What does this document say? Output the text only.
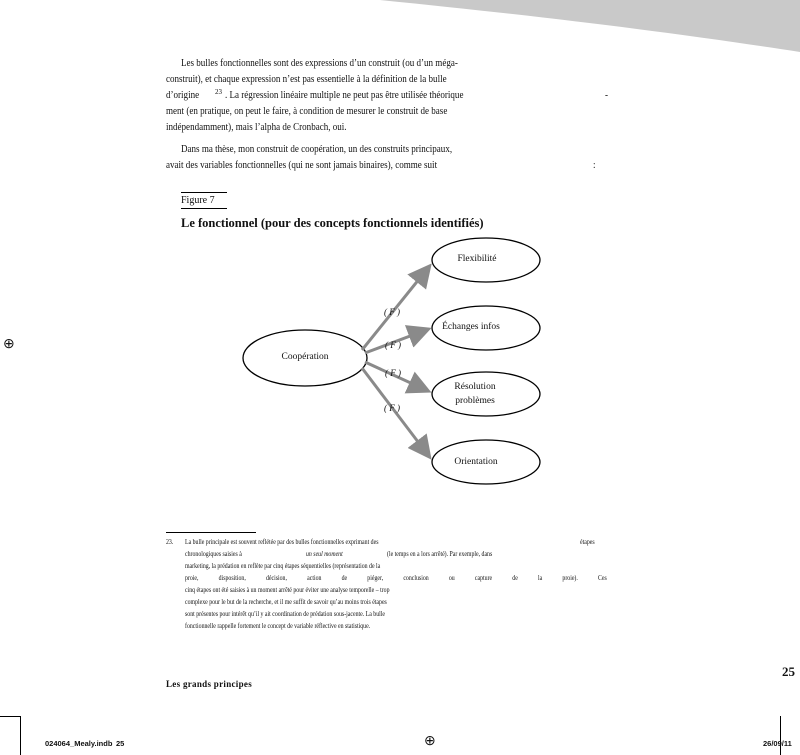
Les bulles fonctionnelles sont des expressions d’un construit (ou d’un méga-
construit), et chaque expression n’est pas essentielle à la définition de la bulle
d’origine 23 . La régression linéaire multiple ne peut pas être utilisée théorique	-
ment (en pratique, on peut le faire, à condition de mesurer le construit de base
indépendamment), mais l’alpha de Cronbach, oui.
Dans ma thèse, mon construit de coopération, un des construits principaux,
avait des variables fonctionnelles (qui ne sont jamais binaires), comme suit	:
Figure 7
Le fonctionnel (pour des concepts fonctionnels identifiés)
Coopération
Flexibilité
Échanges infos
Résolution
problèmes
Orientation
( F )
( F )
( F )
( F )
⊕
⊕
23. La bulle principale est souvent reflétée par des bulles fonctionnelles exprimant des	étapes
chronologiques saisies à	un seul moment	(le temps en a lors arrêté). Par exemple, dans
marketing, la prédation en reflète par cinq étapes séquentielles (représentation de la
proie, disposition, décision, action de piéger, conclusion ou capture de la proie). Ces
cinq étapes ont été saisies à un moment arrêté pour éviter une analyse temporelle – trop
complexe pour le but de la recherche, et il me suffit de savoir qu’au moins trois étapes
sont présentes pour intérêt qu’il y ait coordination de prédation sous-jacente. La bulle
fonctionnelle rappelle fortement le concept de variable réflective en statistique.
25
Les grands principes
024064_Mealy.indb 25	26/09/11
